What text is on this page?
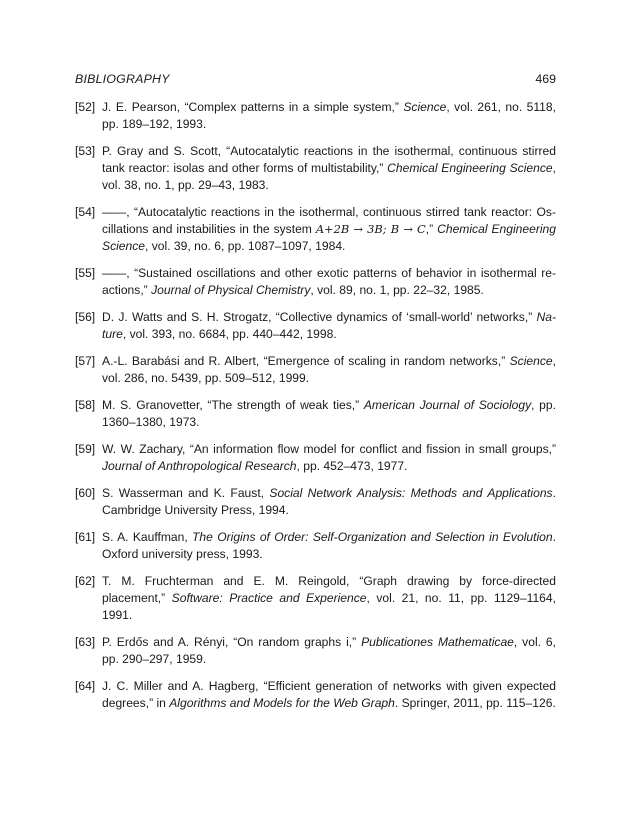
BIBLIOGRAPHY	469
[52] J. E. Pearson, “Complex patterns in a simple system,” Science, vol. 261, no. 5118, pp. 189–192, 1993.
[53] P. Gray and S. Scott, “Autocatalytic reactions in the isothermal, continuous stirred tank reactor: isolas and other forms of multistability,” Chemical Engineering Science, vol. 38, no. 1, pp. 29–43, 1983.
[54] ——, “Autocatalytic reactions in the isothermal, continuous stirred tank reactor: Oscillations and instabilities in the system A+2B → 3B; B → C,” Chemical Engineering Science, vol. 39, no. 6, pp. 1087–1097, 1984.
[55] ——, “Sustained oscillations and other exotic patterns of behavior in isothermal reactions,” Journal of Physical Chemistry, vol. 89, no. 1, pp. 22–32, 1985.
[56] D. J. Watts and S. H. Strogatz, “Collective dynamics of ‘small-world’ networks,” Nature, vol. 393, no. 6684, pp. 440–442, 1998.
[57] A.-L. Barabási and R. Albert, “Emergence of scaling in random networks,” Science, vol. 286, no. 5439, pp. 509–512, 1999.
[58] M. S. Granovetter, “The strength of weak ties,” American Journal of Sociology, pp. 1360–1380, 1973.
[59] W. W. Zachary, “An information flow model for conflict and fission in small groups,” Journal of Anthropological Research, pp. 452–473, 1977.
[60] S. Wasserman and K. Faust, Social Network Analysis: Methods and Applications. Cambridge University Press, 1994.
[61] S. A. Kauffman, The Origins of Order: Self-Organization and Selection in Evolution. Oxford university press, 1993.
[62] T. M. Fruchterman and E. M. Reingold, “Graph drawing by force-directed placement,” Software: Practice and Experience, vol. 21, no. 11, pp. 1129–1164, 1991.
[63] P. Erdős and A. Rényi, “On random graphs i,” Publicationes Mathematicae, vol. 6, pp. 290–297, 1959.
[64] J. C. Miller and A. Hagberg, “Efficient generation of networks with given expected degrees,” in Algorithms and Models for the Web Graph. Springer, 2011, pp. 115–126.
